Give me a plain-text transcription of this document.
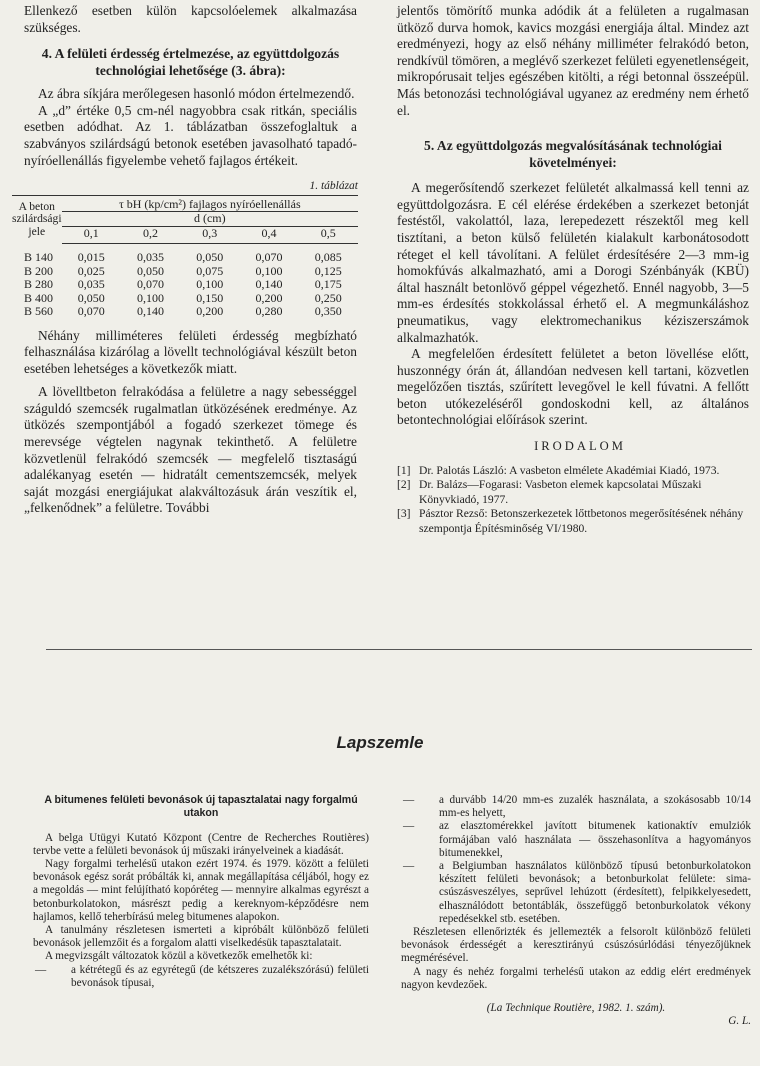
Ellenkező esetben külön kapcsolóelemek alkalmazása szükséges.

4. A felületi érdesség értelmezése, az együttdolgozás technológiai lehetősége (3. ábra):

Az ábra síkjára merőlegesen hasonló módon értelmezendő.

A „d” értéke 0,5 cm-nél nagyobbra csak ritkán, speciális esetben adódhat. Az 1. táblázatban összefoglaltuk a szabványos szilárdságú betonok esetében javasolható tapadó-nyíróellenállás figyelembe vehető fajlagos értékeit.

1. táblázat
A beton szilárdsági jele	τ bH (kp/cm²) fajlagos nyíróellenállás				
	d (cm)				
	0,1	0,2	0,3	0,4	0,5

B 140	0,015	0,035	0,050	0,070	0,085
B 200	0,025	0,050	0,075	0,100	0,125
B 280	0,035	0,070	0,100	0,140	0,175
B 400	0,050	0,100	0,150	0,200	0,250
B 560	0,070	0,140	0,200	0,280	0,350

Néhány milliméteres felületi érdesség megbízható felhasználása kizárólag a lövellt technológiával készült beton esetében lehetséges a következők miatt.

A lövelltbeton felrakódása a felületre a nagy sebességgel száguldó szemcsék rugalmatlan ütközésének eredménye. Az ütközés szempontjából a fogadó szerkezet tömege és merevsége végtelen nagynak tekinthető. A felületre közvetlenül felrakódó szemcsék — megfelelő tisztaságú adalékanyag esetén — hidratált cementszemcsék, melyek saját mozgási energiájukat alakváltozásuk árán veszítik el, „felkenődnek” a felületre. További

jelentős tömörítő munka adódik át a felületen a rugalmasan ütköző durva homok, kavics mozgási energiája által. Mindez azt eredményezi, hogy az első néhány milliméter felrakódó beton, rendkívül tömören, a meglévő szerkezet felületi egyenetlenségeit, mikropórusait teljes egészében kitölti, a régi betonnal összeépül. Más betonozási technológiával ugyanez az eredmény nem érhető el.

5. Az együttdolgozás megvalósításának technológiai követelményei:

A megerősítendő szerkezet felületét alkalmassá kell tenni az együttdolgozásra. E cél elérése érdekében a szerkezet betonját festéstől, vakolattól, laza, lerepedezett részektől meg kell tisztítani, a beton külső felületén kialakult karbonátosodott réteget el kell távolítani. A felület érdesítésére 2—3 mm-ig homokfúvás alkalmazható, ami a Dorogi Szénbányák (KBÜ) által használt betonlövő géppel végezhető. Ennél nagyobb, 3—5 mm-es érdesítés stokkolással érhető el. A megmunkáláshoz pneumatikus, vagy elektromechanikus kéziszerszámok alkalmazhatók.

A megfelelően érdesített felületet a beton lövellése előtt, huszonnégy órán át, állandóan nedvesen kell tartani, közvetlen megelőzően tisztás, szűrített levegővel le kell fúvatni. A fellőtt beton utókezeléséről gondoskodni kell, az általános betontechnológiai előírások szerint.

IRODALOM

[1] Dr. Palotás László: A vasbeton elmélete Akadémiai Kiadó, 1973.
[2] Dr. Balázs—Fogarasi: Vasbeton elemek kapcsolatai Műszaki Könyvkiadó, 1977.
[3] Pásztor Rezső: Betonszerkezetek lőttbetonos megerősítésének néhány szempontja Építésminőség VI/1980.
Lapszemle
A bitumenes felületi bevonások új tapasztalatai nagy forgalmú utakon

A belga Utügyi Kutató Központ (Centre de Recherches Routières) tervbe vette a felületi bevonások új műszaki irányelveinek a kiadását.

Nagy forgalmi terhelésű utakon ezért 1974. és 1979. között a felületi bevonások egész sorát próbálták ki, annak megállapítása céljából, hogy ez a megoldás — mint felújítható kopóréteg — mennyire alkalmas egyrészt a betonburkolatokon, másrészt pedig a kereknyom-képződésre nem hajlamos, kellő teherbírású meleg bitumenes alapokon.

A tanulmány részletesen ismerteti a kipróbált különböző felületi bevonások jellemzőit és a forgalom alatti viselkedésük tapasztalatait.

A megvizsgált változatok közül a következők emelhetők ki:

—	a kétrétegű és az egyrétegű (de kétszeres zuzalékszórású) felületi bevonások típusai,
—	a durvább 14/20 mm-es zuzalék használata, a szokásosabb 10/14 mm-es helyett,
—	az elasztomérekkel javított bitumenek kationaktív emulziók formájában való használata — összehasonlítva a hagyományos bitumenekkel,
—	a Belgiumban használatos különböző típusú betonburkolatokon készített felületi bevonások; a betonburkolat felülete: sima-csúszásveszélyes, seprűvel lehúzott (érdesített), felpikkelyesedett, elhasználódott betontáblák, összefüggő betonburkolatok vékony repedésekkel stb. esetében.

Részletesen ellenőrizték és jellemezték a felsorolt különböző felületi bevonások érdességét a keresztirányú csúszósúrlódási tényezőjüknek megmérésével.

A nagy és nehéz forgalmi terhelésű utakon az eddig elért eredmények nagyon kevdezőek.

(La Technique Routière, 1982. 1. szám).
G. L.
